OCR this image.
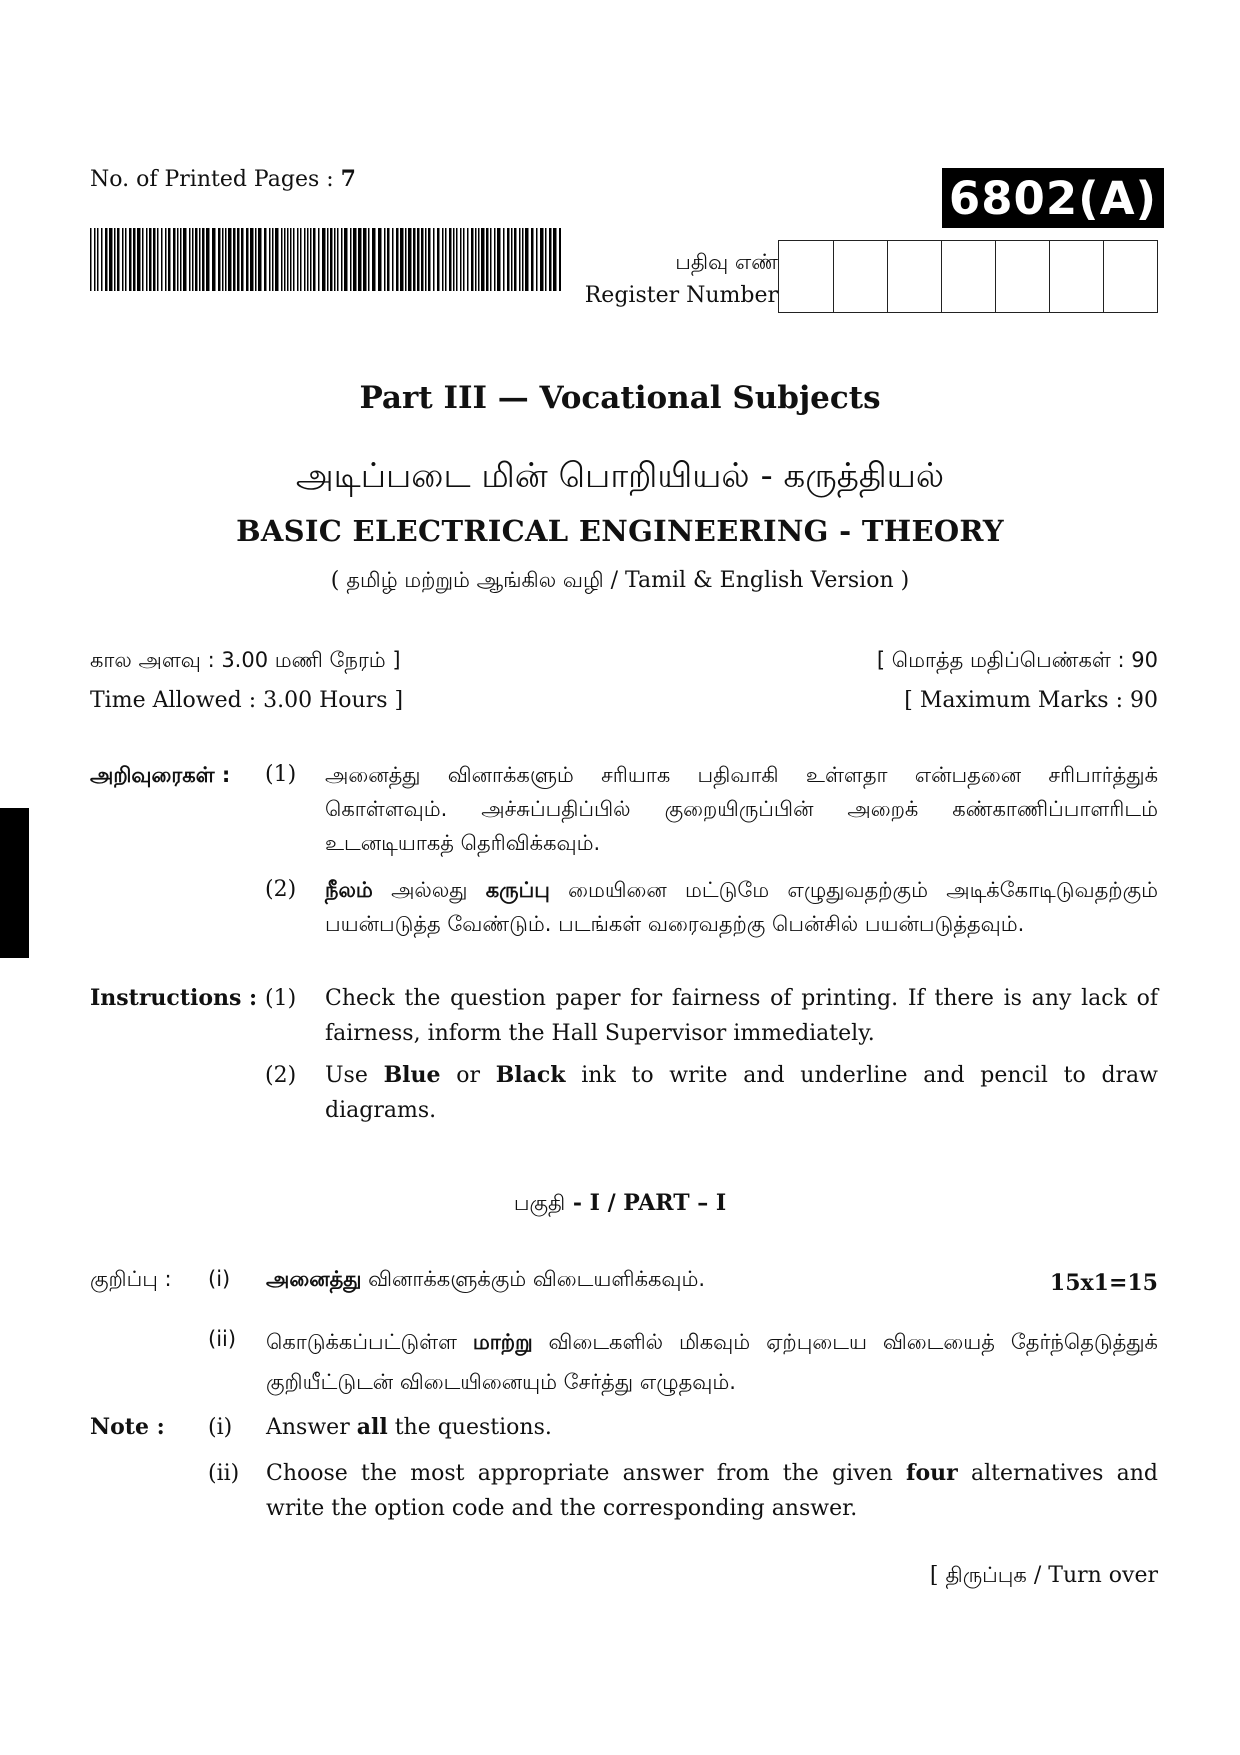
No. of Printed Pages : 7	6802(A)
பதிவு எண்
Register Number
Part III — Vocational Subjects
அடிப்படை மின் பொறியியல் - கருத்தியல்
BASIC ELECTRICAL ENGINEERING - THEORY
( தமிழ் மற்றும் ஆங்கில வழி / Tamil & English Version )
கால அளவு : 3.00 மணி நேரம் ]	[ மொத்த மதிப்பெண்கள் : 90
Time Allowed : 3.00 Hours ]	[ Maximum Marks : 90
அறிவுரைகள் : (1)	அனைத்து வினாக்களும் சரியாக பதிவாகி உள்ளதா என்பதனை சரிபார்த்துக் கொள்ளவும். அச்சுப்பதிப்பில் குறையிருப்பின் அறைக் கண்காணிப்பாளரிடம் உடனடியாகத் தெரிவிக்கவும்.
(2)	நீலம் அல்லது கருப்பு மையினை மட்டுமே எழுதுவதற்கும் அடிக்கோடிடுவதற்கும் பயன்படுத்த வேண்டும். படங்கள் வரைவதற்கு பென்சில் பயன்படுத்தவும்.
Instructions : (1)	Check the question paper for fairness of printing. If there is any lack of fairness, inform the Hall Supervisor immediately.
(2)	Use Blue or Black ink to write and underline and pencil to draw diagrams.
பகுதி - I / PART – I
குறிப்பு : (i)	அனைத்து வினாக்களுக்கும் விடையளிக்கவும்.
(ii)	கொடுக்கப்பட்டுள்ள மாற்று விடைகளில் மிகவும் ஏற்புடைய விடையைத் தேர்ந்தெடுத்துக் குறியீட்டுடன் விடையினையும் சேர்த்து எழுதவும்.
15x1=15
Note : (i)	Answer all the questions.
(ii)	Choose the most appropriate answer from the given four alternatives and write the option code and the corresponding answer.
[ திருப்புக / Turn over
